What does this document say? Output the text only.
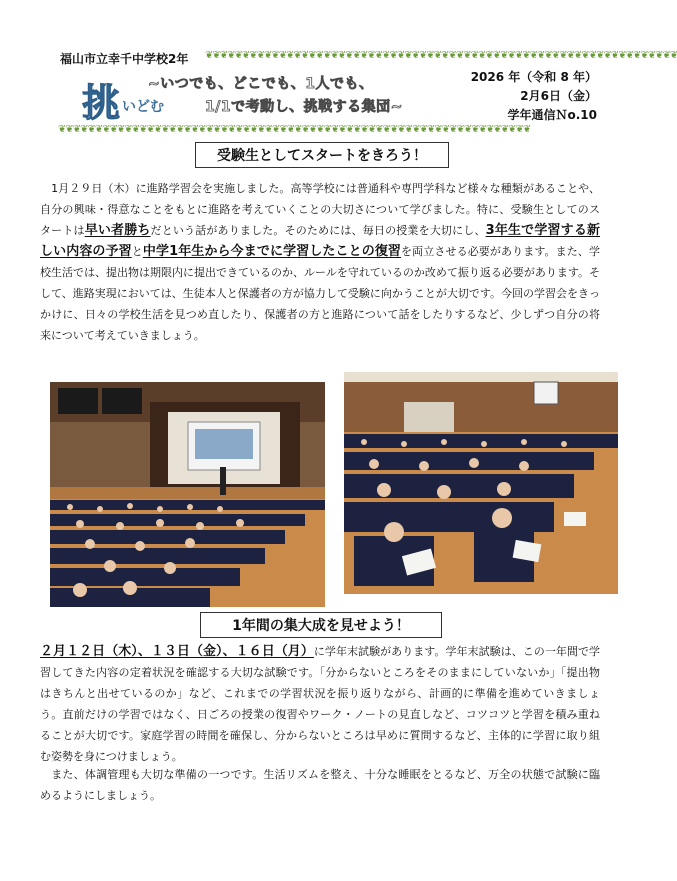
福山市立幸千中学校2年 ❦❦❦❦❦❦❦❦❦❦❦❦❦❦❦❦❦❦❦❦❦❦❦❦❦❦❦❦❦❦❦❦❦❦❦❦❦❦❦❦❦❦❦❦❦❦❦❦❦❦❦❦❦❦❦❦❦❦❦❦❦❦❦❦
挑 いどむ
~いつでも、どこでも、1人でも、
1/1で考動し、挑戦する集団~
2026 年（令和 8 年）
2月6日（金）
学年通信Ｎo.10
❦❦❦❦❦❦❦❦❦❦❦❦❦❦❦❦❦❦❦❦❦❦❦❦❦❦❦❦❦❦❦❦❦❦❦❦❦❦❦❦❦❦❦❦❦❦❦❦❦❦❦❦❦❦❦❦❦❦❦❦❦❦❦❦
受験生としてスタートをきろう！
　1月２９日（木）に進路学習会を実施しました。高等学校には普通科や専門学科など様々な種類があることや、自分の興味・得意なことをもとに進路を考えていくことの大切さについて学びました。特に、受験生としてのスタートは早い者勝ちだという話がありました。そのためには、毎日の授業を大切にし、3年生で学習する新しい内容の予習と中学1年生から今までに学習したことの復習を両立させる必要があります。また、学校生活では、提出物は期限内に提出できているのか、ルールを守れているのか改めて振り返る必要があります。そして、進路実現においては、生徒本人と保護者の方が協力して受験に向かうことが大切です。今回の学習会をきっかけに、日々の学校生活を見つめ直したり、保護者の方と進路について話をしたりするなど、少しずつ自分の将来について考えていきましょう。
1年間の集大成を見せよう！
２月１２日（木）、１３日（金）、１６日（月）に学年末試験があります。学年末試験は、この一年間で学習してきた内容の定着状況を確認する大切な試験です。「分からないところをそのままにしていないか」「提出物はきちんと出せているのか」など、これまでの学習状況を振り返りながら、計画的に準備を進めていきましょう。直前だけの学習ではなく、日ごろの授業の復習やワーク・ノートの見直しなど、コツコツと学習を積み重ねることが大切です。家庭学習の時間を確保し、分からないところは早めに質問するなど、主体的に学習に取り組む姿勢を身につけましょう。
　また、体調管理も大切な準備の一つです。生活リズムを整え、十分な睡眠をとるなど、万全の状態で試験に臨めるようにしましょう。
